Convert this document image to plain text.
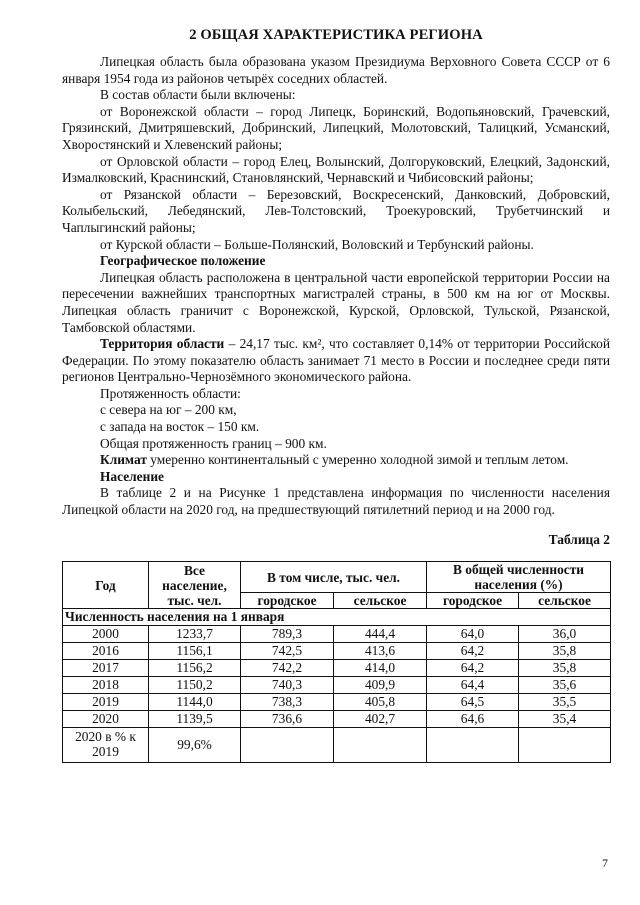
2 ОБЩАЯ ХАРАКТЕРИСТИКА РЕГИОНА

Липецкая область была образована указом Президиума Верховного Совета СССР от 6 января 1954 года из районов четырёх соседних областей.

В состав области были включены:

от Воронежской области – город Липецк, Боринский, Водопьяновский, Грачевский, Грязинский, Дмитряшевский, Добринский, Липецкий, Молотовский, Талицкий, Усманский, Хворостянский и Хлевенский районы;

от Орловской области – город Елец, Волынский, Долгоруковский, Елецкий, Задонский, Измалковский, Краснинский, Становлянский, Чернавский и Чибисовский районы;

от Рязанской области – Березовский, Воскресенский, Данковский, Добровский, Колыбельский, Лебедянский, Лев-Толстовский, Троекуровский, Трубетчинский и Чаплыгинский районы;

от Курской области – Больше-Полянский, Воловский и Тербунский районы.

Географическое положение

Липецкая область расположена в центральной части европейской территории России на пересечении важнейших транспортных магистралей страны, в 500 км на юг от Москвы. Липецкая область граничит с Воронежской, Курской, Орловской, Тульской, Рязанской, Тамбовской областями.

Территория области – 24,17 тыс. км², что составляет 0,14% от территории Российской Федерации. По этому показателю область занимает 71 место в России и последнее среди пяти регионов Центрально-Чернозёмного экономического района.

Протяженность области:

с севера на юг – 200 км,

с запада на восток – 150 км.

Общая протяженность границ – 900 км.

Климат умеренно континентальный с умеренно холодной зимой и теплым летом.

Население

В таблице 2 и на Рисунке 1 представлена информация по численности населения Липецкой области на 2020 год, на предшествующий пятилетний период и на 2000 год.

Таблица 2

Год	Все население, тыс. чел.	В том числе, тыс. чел.		В общей численности населения (%)	
		городское	сельское	городское	сельское
Численность населения на 1 января					
2000	1233,7	789,3	444,4	64,0	36,0
2016	1156,1	742,5	413,6	64,2	35,8
2017	1156,2	742,2	414,0	64,2	35,8
2018	1150,2	740,3	409,9	64,4	35,6
2019	1144,0	738,3	405,8	64,5	35,5
2020	1139,5	736,6	402,7	64,6	35,4
2020 в % к 2019	99,6%				
7
